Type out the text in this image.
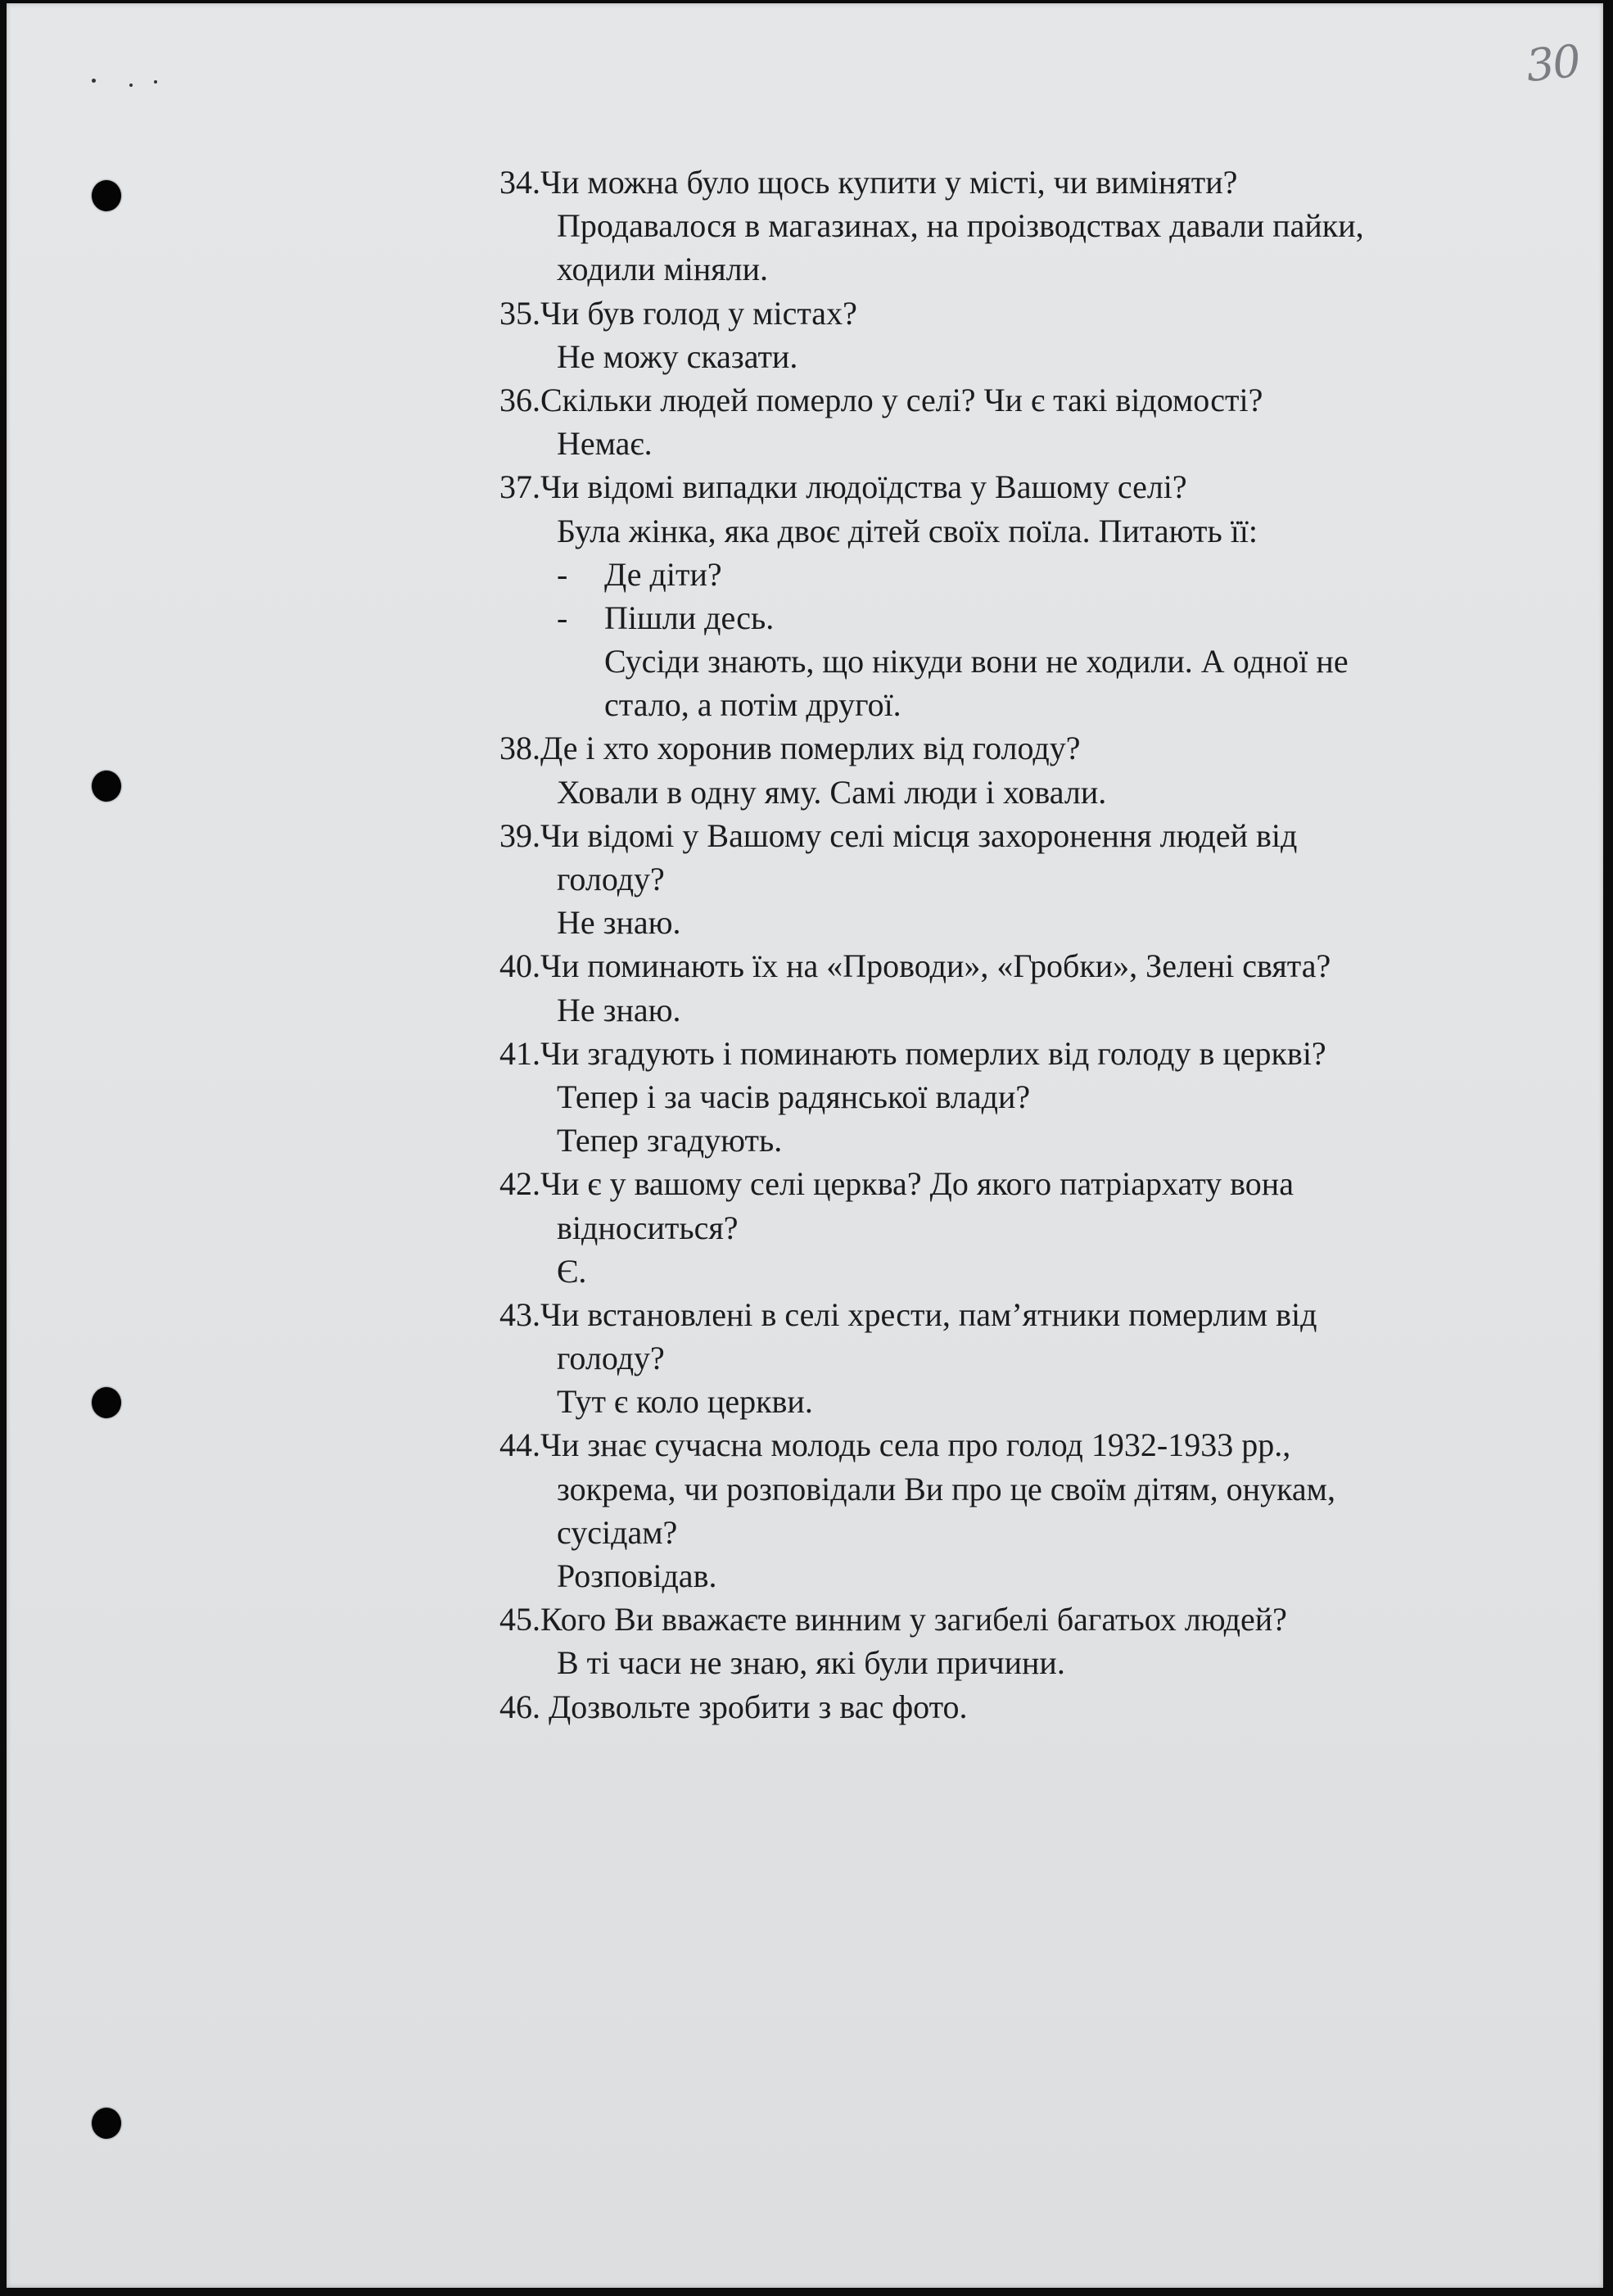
30
34.Чи можна було щось купити у місті, чи виміняти?
Продавалося в магазинах, на проізводствах давали пайки,
ходили міняли.
35.Чи був голод у містах?
Не можу сказати.
36.Скільки людей померло у селі? Чи є такі відомості?
Немає.
37.Чи відомі випадки людоїдства у Вашому селі?
Була жінка, яка двоє дітей своїх поїла. Питають її:
- Де діти?
- Пішли десь.
Сусіди знають, що нікуди вони не ходили. А одної не
стало, а потім другої.
38.Де і хто хоронив померлих від голоду?
Ховали в одну яму. Самі люди і ховали.
39.Чи відомі у Вашому селі місця захоронення людей від
голоду?
Не знаю.
40.Чи поминають їх на «Проводи», «Гробки», Зелені свята?
Не знаю.
41.Чи згадують і поминають померлих від голоду в церкві?
Тепер і за часів радянської влади?
Тепер згадують.
42.Чи є у вашому селі церква? До якого патріархату вона
відноситься?
Є.
43.Чи встановлені в селі хрести, пам’ятники померлим від
голоду?
Тут є коло церкви.
44.Чи знає сучасна молодь села про голод 1932-1933 рр.,
зокрема, чи розповідали Ви про це своїм дітям, онукам,
сусідам?
Розповідав.
45.Кого Ви вважаєте винним у загибелі багатьох людей?
В ті часи не знаю, які були причини.
46. Дозвольте зробити з вас фото.
